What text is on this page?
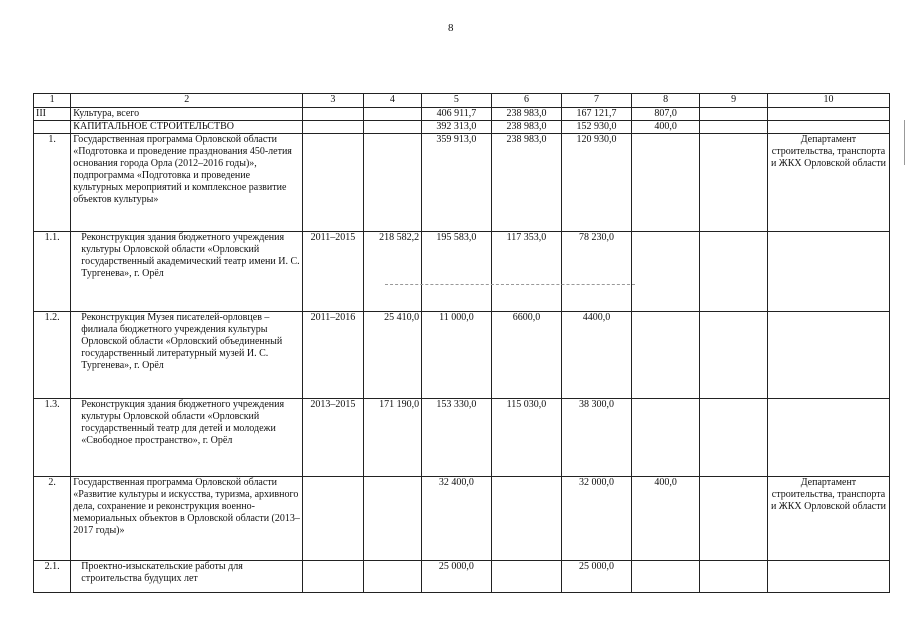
8
1	2	3	4	5	6	7	8	9	10
III	Культура, всего			406 911,7	238 983,0	167 121,7	807,0		
	КАПИТАЛЬНОЕ СТРОИТЕЛЬСТВО			392 313,0	238 983,0	152 930,0	400,0		
1.	Государственная программа Орловской области «Подготовка и проведение празднования 450-летия основания города Орла (2012–2016 годы)», подпрограмма «Подготовка и проведение культурных мероприятий и комплексное развитие объектов культуры»			359 913,0	238 983,0	120 930,0			Департамент строительства, транспорта и ЖКХ Орловской области
1.1.	Реконструкция здания бюджетного учреждения культуры Орловской области «Орловский государственный академический театр имени И. С. Тургенева», г. Орёл	2011–2015	218 582,2	195 583,0	117 353,0	78 230,0			
1.2.	Реконструкция Музея писателей-орловцев – филиала бюджетного учреждения культуры Орловской области «Орловский объединенный государственный литературный музей И. С. Тургенева», г. Орёл	2011–2016	25 410,0	11 000,0	6600,0	4400,0			
1.3.	Реконструкция здания бюджетного учреждения культуры Орловской области «Орловский государственный театр для детей и молодежи «Свободное пространство», г. Орёл	2013–2015	171 190,0	153 330,0	115 030,0	38 300,0			
2.	Государственная программа Орловской области «Развитие культуры и искусства, туризма, архивного дела, сохранение и реконструкция военно-мемориальных объектов в Орловской области (2013–2017 годы)»			32 400,0		32 000,0	400,0		Департамент строительства, транспорта и ЖКХ Орловской области
2.1.	Проектно-изыскательские работы для строительства будущих лет			25 000,0		25 000,0			
